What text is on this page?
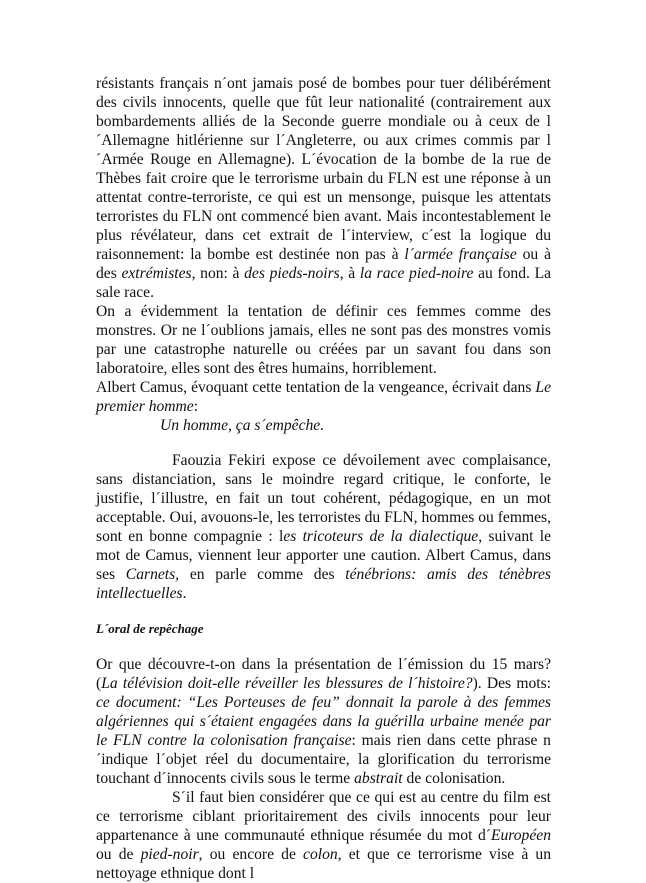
résistants français n´ont jamais posé de bombes pour tuer délibérément des civils innocents, quelle que fût leur nationalité (contrairement aux bombardements alliés de la Seconde guerre mondiale ou à ceux de l´Allemagne hitlérienne sur l´Angleterre, ou aux crimes commis par l´Armée Rouge en Allemagne). L´évocation de la bombe de la rue de Thèbes fait croire que le terrorisme urbain du FLN est une réponse à un attentat contre-terroriste, ce qui est un mensonge, puisque les attentats terroristes du FLN ont commencé bien avant. Mais incontestablement le plus révélateur, dans cet extrait de l´interview, c´est la logique du raisonnement: la bombe est destinée non pas à l´armée française ou à des extrémistes, non: à des pieds-noirs, à la race pied-noire au fond. La sale race.

On a évidemment la tentation de définir ces femmes comme des monstres. Or ne l´oublions jamais, elles ne sont pas des monstres vomis par une catastrophe naturelle ou créées par un savant fou dans son laboratoire, elles sont des êtres humains, horriblement.

Albert Camus, évoquant cette tentation de la vengeance, écrivait dans Le premier homme:

Un homme, ça s´empêche.

Faouzia Fekiri expose ce dévoilement avec complaisance, sans distanciation, sans le moindre regard critique, le conforte, le justifie, l´illustre, en fait un tout cohérent, pédagogique, en un mot acceptable. Oui, avouons-le, les terroristes du FLN, hommes ou femmes, sont en bonne compagnie : les tricoteurs de la dialectique, suivant le mot de Camus, viennent leur apporter une caution. Albert Camus, dans ses Carnets, en parle comme des ténébrions: amis des ténèbres intellectuelles.

L´oral de repêchage

Or que découvre-t-on dans la présentation de l´émission du 15 mars? (La télévision doit-elle réveiller les blessures de l´histoire?). Des mots: ce document: “Les Porteuses de feu” donnait la parole à des femmes algériennes qui s´étaient engagées dans la guérilla urbaine menée par le FLN contre la colonisation française: mais rien dans cette phrase n´indique l´objet réel du documentaire, la glorification du terrorisme touchant d´innocents civils sous le terme abstrait de colonisation.

S´il faut bien considérer que ce qui est au centre du film est ce terrorisme ciblant prioritairement des civils innocents pour leur appartenance à une communauté ethnique résumée du mot d´Européen ou de pied-noir, ou encore de colon, et que ce terrorisme vise à un nettoyage ethnique dont l
